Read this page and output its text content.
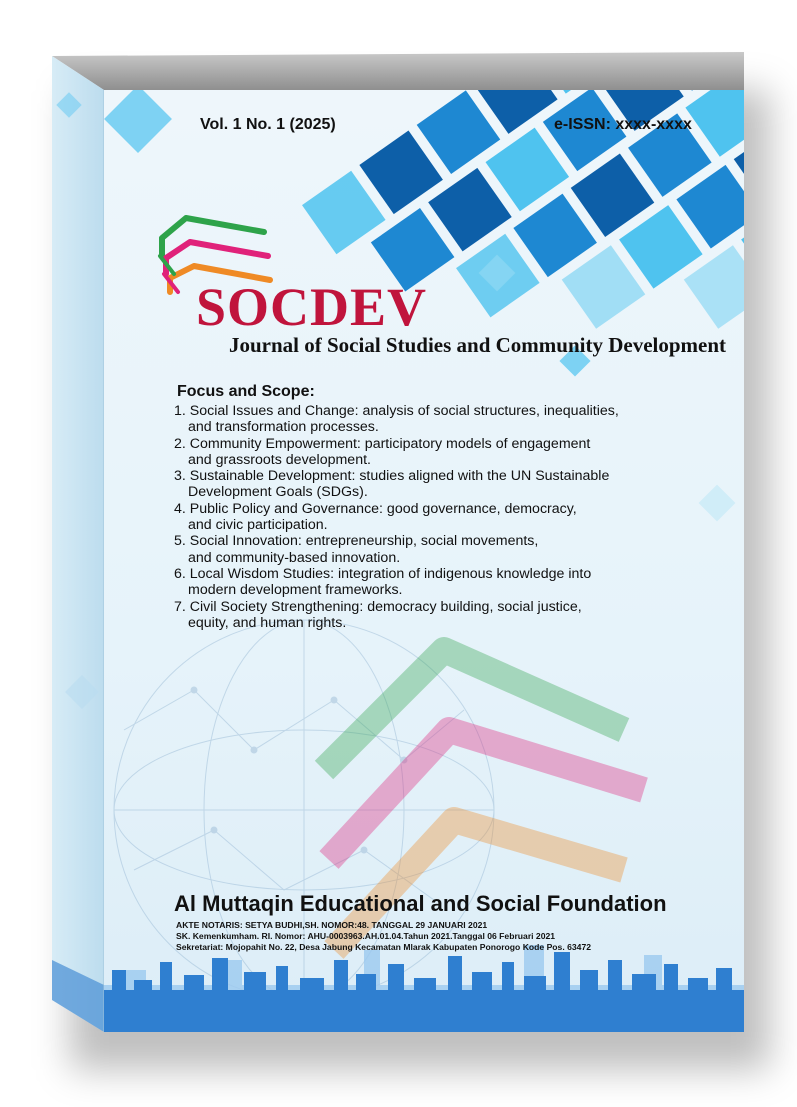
Vol. 1 No. 1 (2025)	e-ISSN: xxxx-xxxx
SOCDEV
Journal of Social Studies and Community Development
Focus and Scope:
1. Social Issues and Change: analysis of social structures, inequalities,
and transformation processes.
2. Community Empowerment: participatory models of engagement
and grassroots development.
3. Sustainable Development: studies aligned with the UN Sustainable
Development Goals (SDGs).
4. Public Policy and Governance: good governance, democracy,
and civic participation.
5. Social Innovation: entrepreneurship, social movements,
and community-based innovation.
6. Local Wisdom Studies: integration of indigenous knowledge into
modern development frameworks.
7. Civil Society Strengthening: democracy building, social justice,
equity, and human rights.
Al Muttaqin Educational and Social Foundation
AKTE NOTARIS: SETYA BUDHI,SH. NOMOR:48. TANGGAL 29 JANUARI 2021
SK. Kemenkumham. RI. Nomor: AHU-0003963.AH.01.04.Tahun 2021.Tanggal 06 Februari 2021
Sekretariat: Mojopahit No. 22, Desa Jabung Kecamatan Mlarak Kabupaten Ponorogo Kode Pos. 63472
